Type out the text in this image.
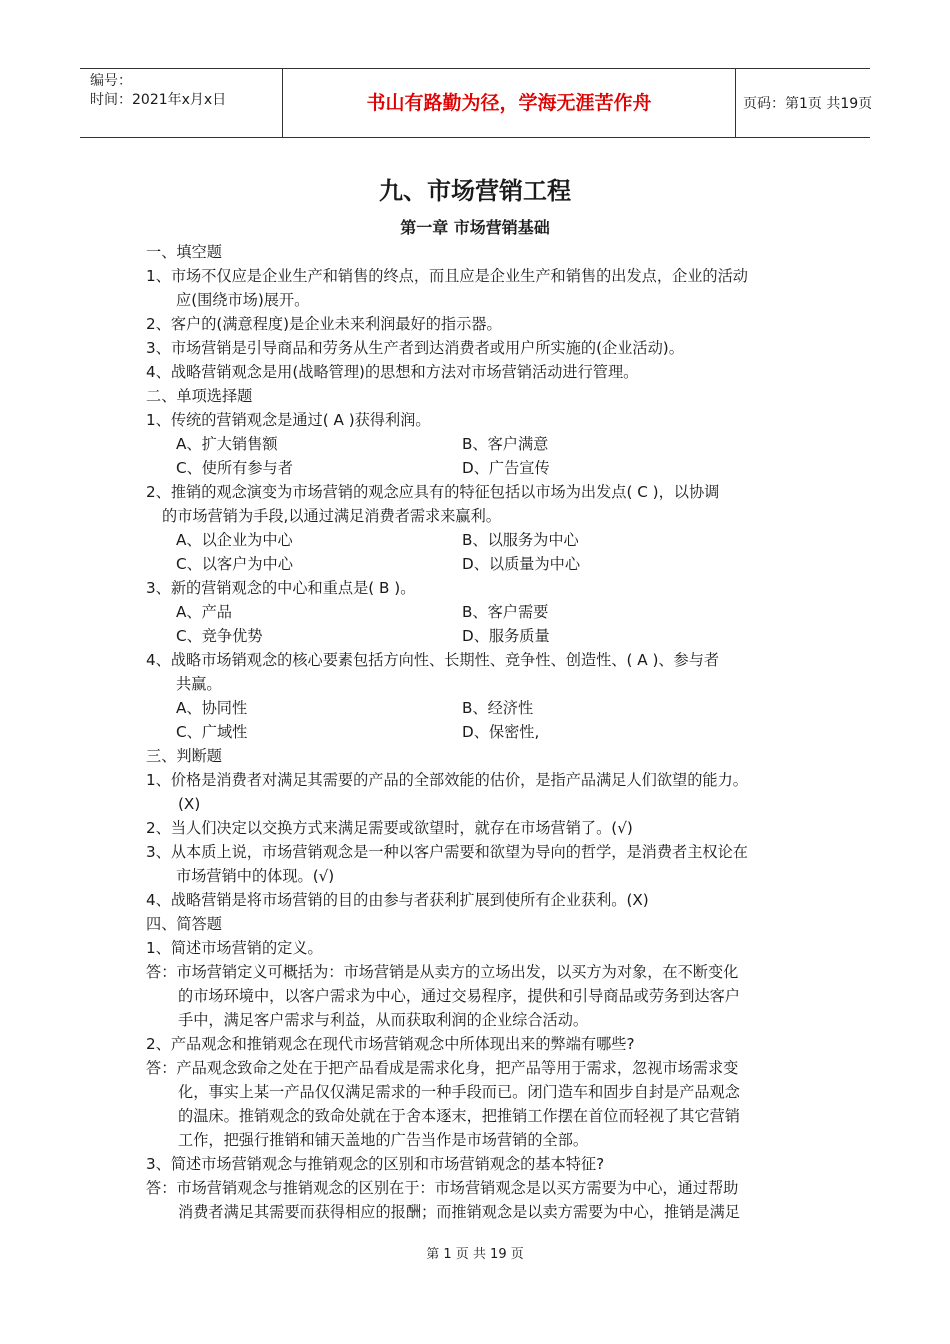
编号：
时间：2021年x月x日	书山有路勤为径，学海无涯苦作舟	页码：第1页 共19页
九、市场营销工程
第一章 市场营销基础
一、填空题
1、市场不仅应是企业生产和销售的终点，而且应是企业生产和销售的出发点，企业的活动
应(围绕市场)展开。
2、客户的(满意程度)是企业未来利润最好的指示器。
3、市场营销是引导商品和劳务从生产者到达消费者或用户所实施的(企业活动)。
4、战略营销观念是用(战略管理)的思想和方法对市场营销活动进行管理。
二、单项选择题
1、传统的营销观念是通过( A )获得利润。
A、扩大销售额	B、客户满意
C、使所有参与者	D、广告宣传
2、推销的观念演变为市场营销的观念应具有的特征包括以市场为出发点( C )，以协调
的市场营销为手段,以通过满足消费者需求来赢利。
A、以企业为中心	B、以服务为中心
C、以客户为中心	D、以质量为中心
3、新的营销观念的中心和重点是( B )。
A、产品	B、客户需要
C、竞争优势	D、服务质量
4、战略市场销观念的核心要素包括方向性、长期性、竞争性、创造性、( A )、参与者
共赢。
A、协同性	B、经济性
C、广域性	D、保密性,
三、判断题
1、价格是消费者对满足其需要的产品的全部效能的估价，是指产品满足人们欲望的能力。
(X)
2、当人们决定以交换方式来满足需要或欲望时，就存在市场营销了。(√)
3、从本质上说，市场营销观念是一种以客户需要和欲望为导向的哲学，是消费者主权论在
市场营销中的体现。(√)
4、战略营销是将市场营销的目的由参与者获利扩展到使所有企业获利。(X)
四、简答题
1、简述市场营销的定义。
答：市场营销定义可概括为：市场营销是从卖方的立场出发，以买方为对象，在不断变化
的市场环境中，以客户需求为中心，通过交易程序，提供和引导商品或劳务到达客户
手中，满足客户需求与利益，从而获取利润的企业综合活动。
2、产品观念和推销观念在现代市场营销观念中所体现出来的弊端有哪些?
答：产品观念致命之处在于把产品看成是需求化身，把产品等用于需求，忽视市场需求变
化，事实上某一产品仅仅满足需求的一种手段而已。闭门造车和固步自封是产品观念
的温床。推销观念的致命处就在于舍本逐末，把推销工作摆在首位而轻视了其它营销
工作，把强行推销和铺天盖地的广告当作是市场营销的全部。
3、简述市场营销观念与推销观念的区别和市场营销观念的基本特征?
答：市场营销观念与推销观念的区别在于：市场营销观念是以买方需要为中心，通过帮助
消费者满足其需要而获得相应的报酬；而推销观念是以卖方需要为中心，推销是满足
第 1 页 共 19 页
